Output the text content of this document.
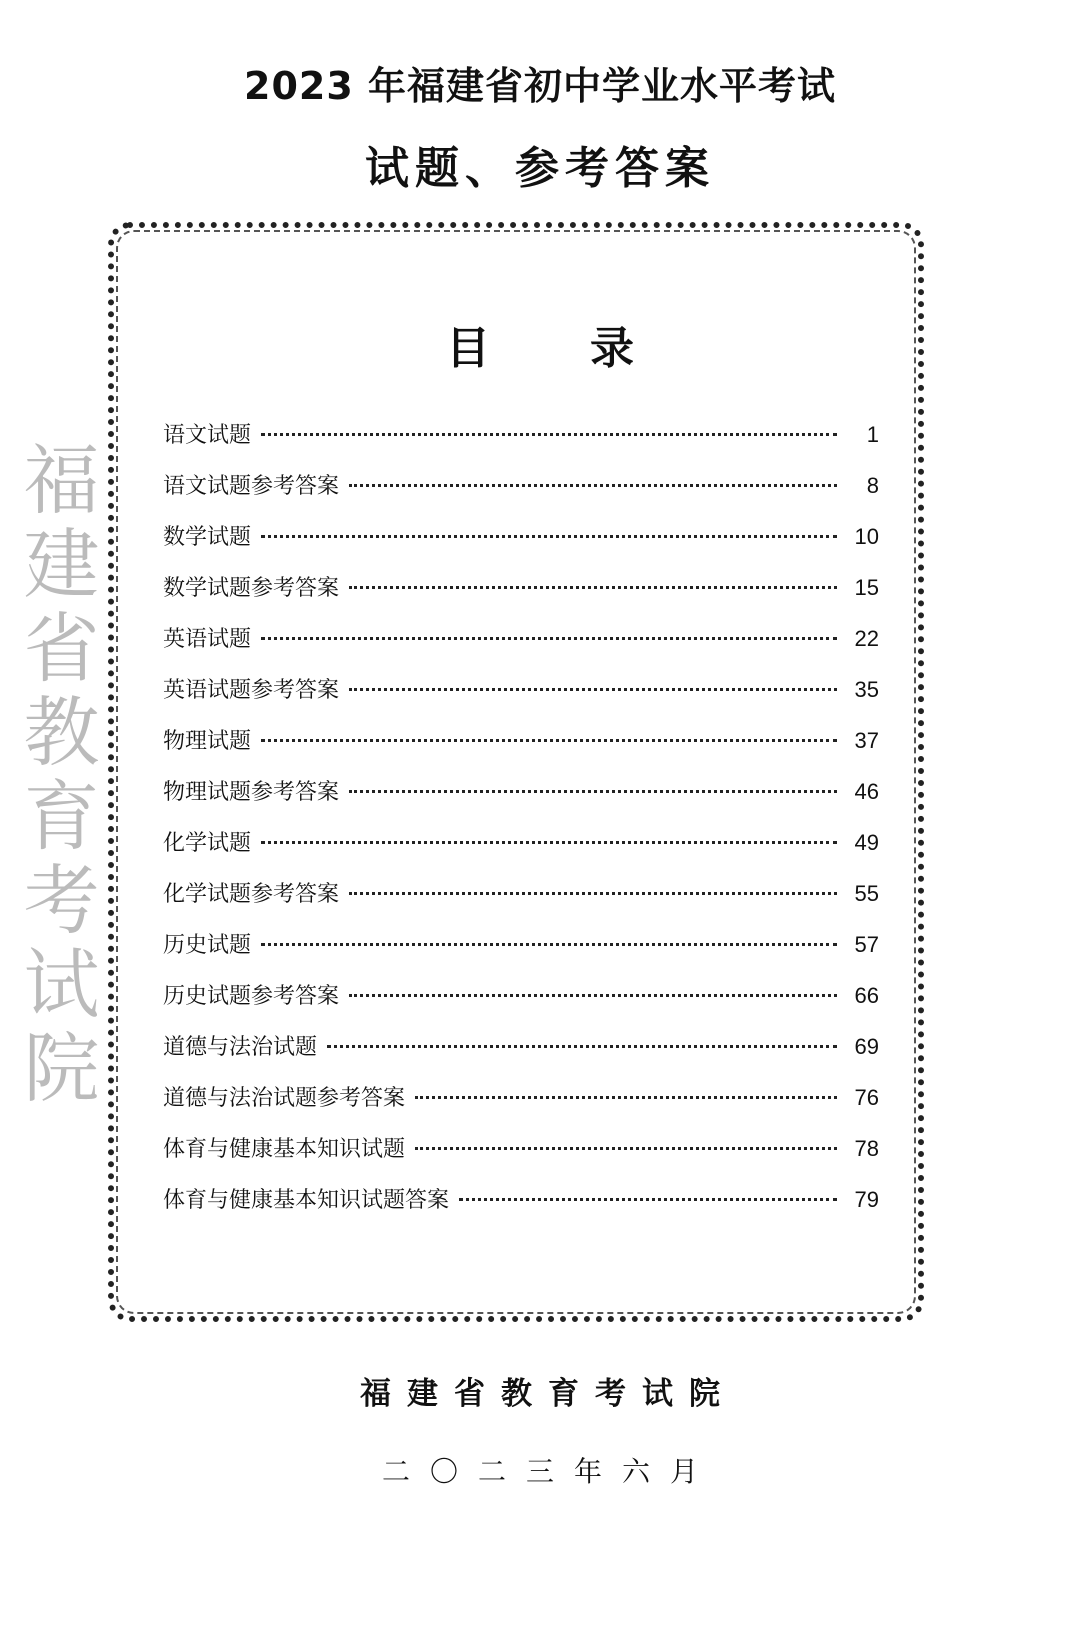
2023 年福建省初中学业水平考试
试题、参考答案
目录
语文试题	1
语文试题参考答案	8
数学试题	10
数学试题参考答案	15
英语试题	22
英语试题参考答案	35
物理试题	37
物理试题参考答案	46
化学试题	49
化学试题参考答案	55
历史试题	57
历史试题参考答案	66
道德与法治试题	69
道德与法治试题参考答案	76
体育与健康基本知识试题	78
体育与健康基本知识试题答案	79
福建省教育考试院
福建省教育考试院
二〇二三年六月
